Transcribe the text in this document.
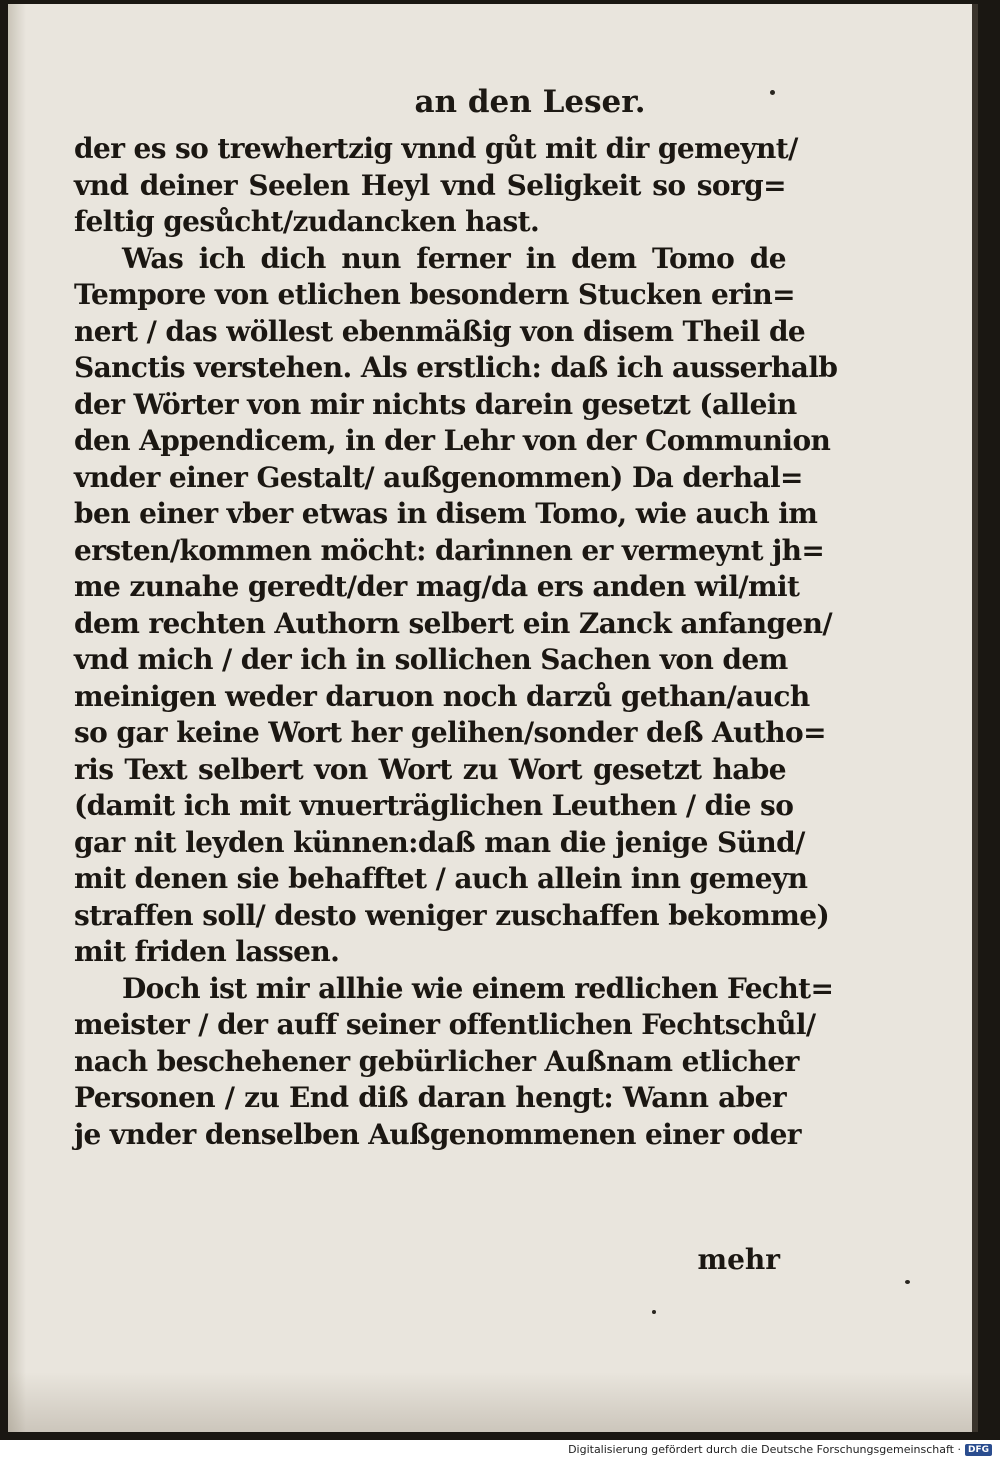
an den Leser.
der es so trewhertzig vnnd gůt mit dir gemeynt/
vnd deiner Seelen Heyl vnd Seligkeit so sorg=
feltig gesůcht/zudancken hast.
Was ich dich nun ferner in dem Tomo de
Tempore von etlichen besondern Stucken erin=
nert / das wöllest ebenmäßig von disem Theil de
Sanctis verstehen. Als erstlich: daß ich ausserhalb
der Wörter von mir nichts darein gesetzt (allein
den Appendicem, in der Lehr von der Communion
vnder einer Gestalt/ außgenommen) Da derhal=
ben einer vber etwas in disem Tomo, wie auch im
ersten/kommen möcht: darinnen er vermeynt jh=
me zunahe geredt/der mag/da ers anden wil/mit
dem rechten Authorn selbert ein Zanck anfangen/
vnd mich / der ich in sollichen Sachen von dem
meinigen weder daruon noch darzů gethan/auch
so gar keine Wort her gelihen/sonder deß Autho=
ris Text selbert von Wort zu Wort gesetzt habe
(damit ich mit vnuerträglichen Leuthen / die so
gar nit leyden künnen:daß man die jenige Sünd/
mit denen sie behafftet / auch allein inn gemeyn
straffen soll/ desto weniger zuschaffen bekomme)
mit friden lassen.
Doch ist mir allhie wie einem redlichen Fecht=
meister / der auff seiner offentlichen Fechtschůl/
nach beschehener gebürlicher Außnam etlicher
Personen / zu End diß daran hengt: Wann aber
je vnder denselben Außgenommenen einer oder
mehr
Digitalisierung gefördert durch die Deutsche Forschungsgemeinschaft · DFG
